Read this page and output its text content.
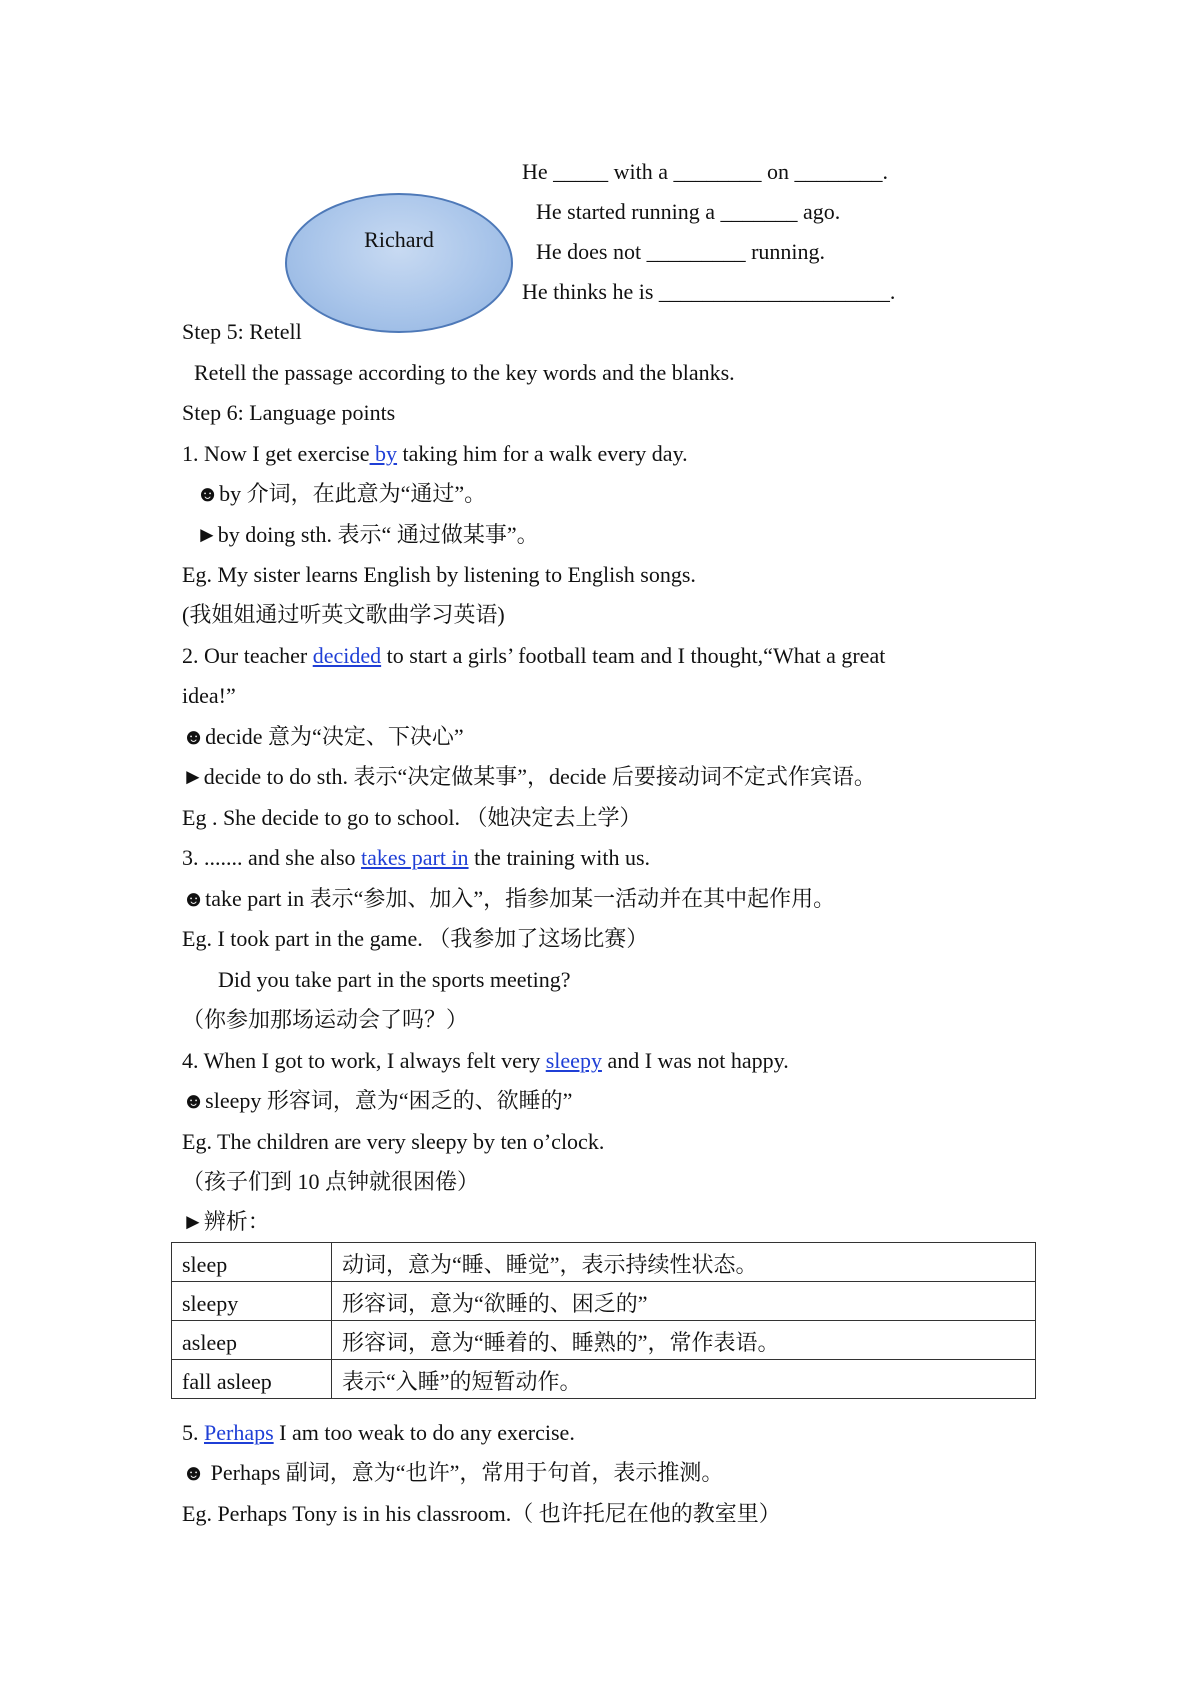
Richard
He _____ with a ________ on ________.
He started running a _______ ago.
He does not _________ running.
He thinks he is _____________________.
Step 5: Retell
Retell the passage according to the key words and the blanks.
Step 6: Language points
1. Now I get exercise by taking him for a walk every day.
☻by 介词，在此意为“通过”。
►by doing sth. 表示“ 通过做某事”。
Eg. My sister learns English by listening to English songs.
(我姐姐通过听英文歌曲学习英语)
2. Our teacher decided to start a girls’ football team and I thought,“What a great
idea!”
☻decide 意为“决定、下决心”
►decide to do sth. 表示“决定做某事”，decide 后要接动词不定式作宾语。
Eg . She decide to go to school. （她决定去上学）
3. ....... and she also takes part in the training with us.
☻take part in 表示“参加、加入”，指参加某一活动并在其中起作用。
Eg. I took part in the game. （我参加了这场比赛）
Did you take part in the sports meeting?
（你参加那场运动会了吗？）
4. When I got to work, I always felt very sleepy and I was not happy.
☻sleepy 形容词，意为“困乏的、欲睡的”
Eg. The children are very sleepy by ten o’clock.
（孩子们到 10 点钟就很困倦）
►辨析：
sleep	动词，意为“睡、睡觉”，表示持续性状态。
sleepy	形容词，意为“欲睡的、困乏的”
asleep	形容词，意为“睡着的、睡熟的”，常作表语。
fall asleep	表示“入睡”的短暂动作。
5. Perhaps I am too weak to do any exercise.
☻ Perhaps 副词，意为“也许”，常用于句首，表示推测。
Eg. Perhaps Tony is in his classroom.（ 也许托尼在他的教室里）
